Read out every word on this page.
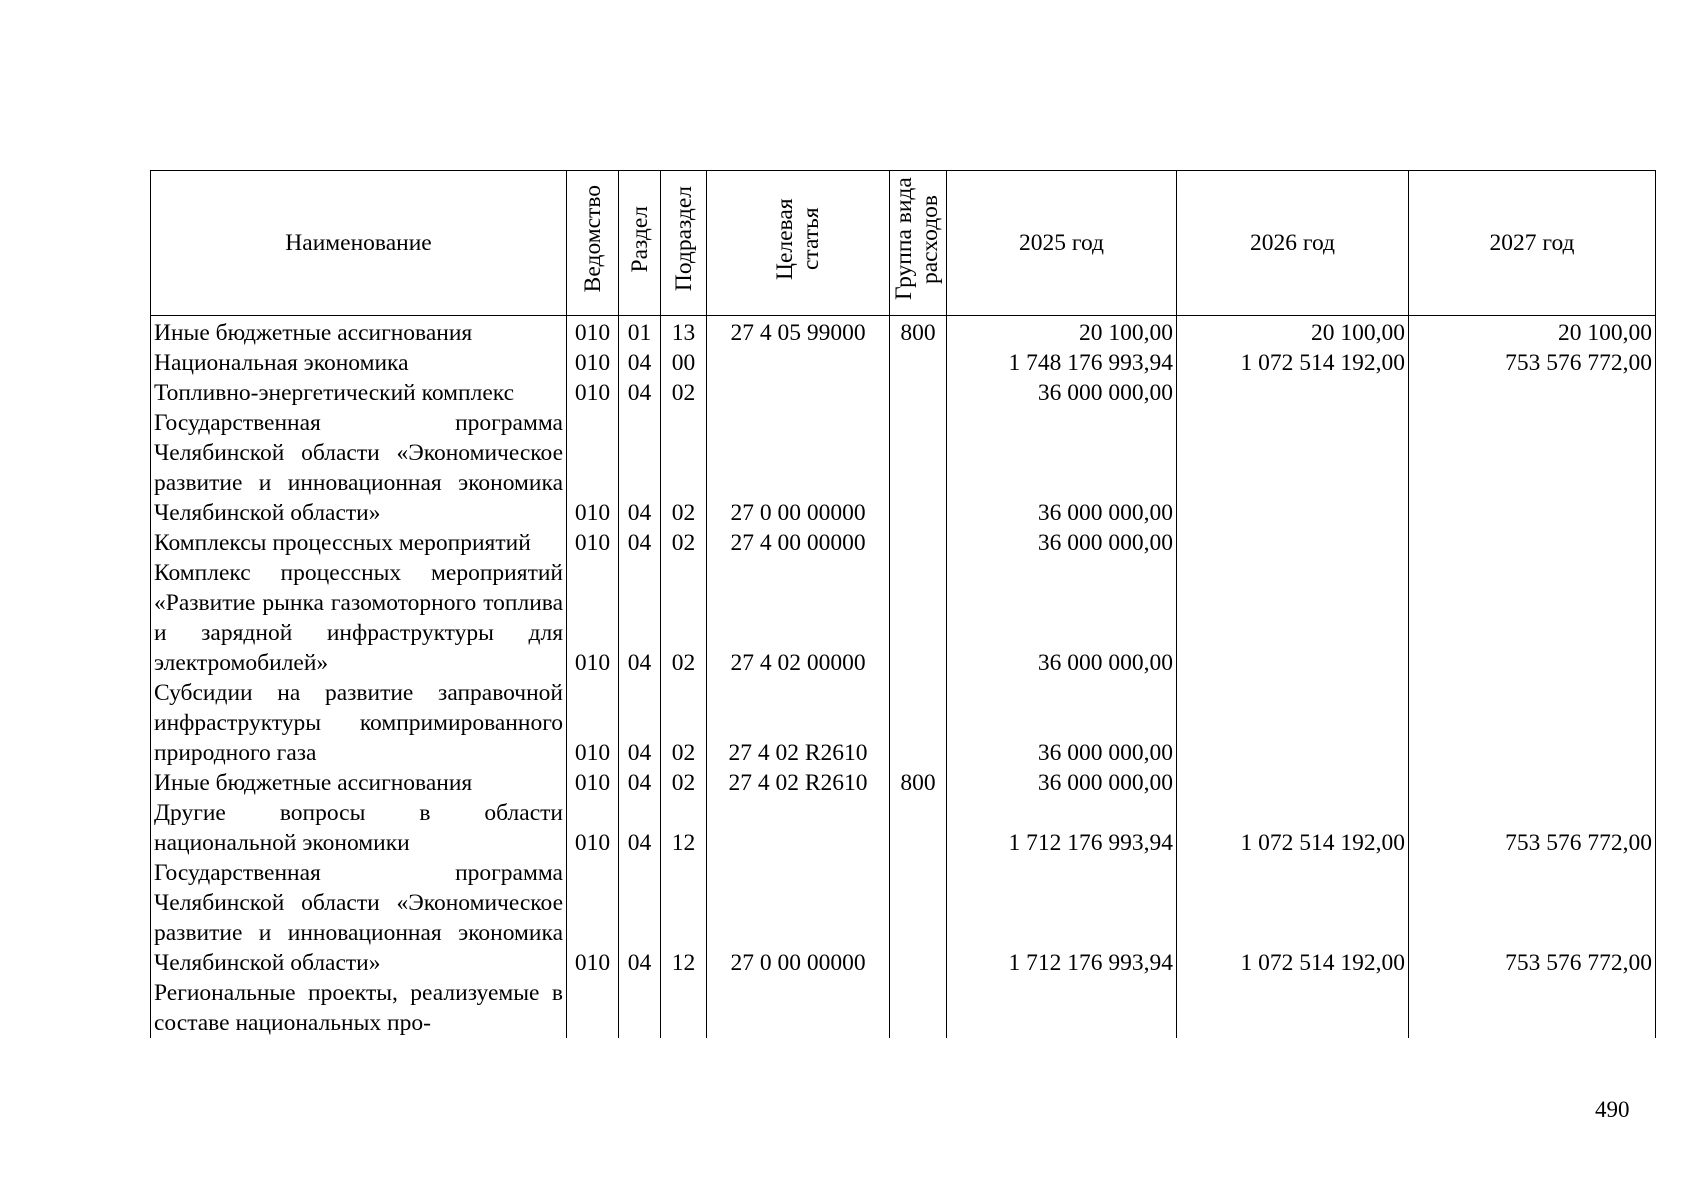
Наименование	Ведомство	Раздел	Подраздел	Целевая статья	Группа вида расходов	2025 год	2026 год	2027 год
Иные бюджетные ассигнования	010	01	13	27 4 05 99000	800	20 100,00	20 100,00	20 100,00
Национальная экономика	010	04	00			1 748 176 993,94	1 072 514 192,00	753 576 772,00
Топливно-энергетический комплекс	010	04	02			36 000 000,00		
Государственная программа Челябинской области «Экономическое развитие и инновационная экономика Челябинской области»	010	04	02	27 0 00 00000		36 000 000,00		
Комплексы процессных мероприятий	010	04	02	27 4 00 00000		36 000 000,00		
Комплекс процессных мероприятий «Развитие рынка газомоторного топлива и зарядной инфраструктуры для электромобилей»	010	04	02	27 4 02 00000		36 000 000,00		
Субсидии на развитие заправочной инфраструктуры компримированного природного газа	010	04	02	27 4 02 R2610		36 000 000,00		
Иные бюджетные ассигнования	010	04	02	27 4 02 R2610	800	36 000 000,00		
Другие вопросы в области национальной экономики	010	04	12			1 712 176 993,94	1 072 514 192,00	753 576 772,00
Государственная программа Челябинской области «Экономическое развитие и инновационная экономика Челябинской области»	010	04	12	27 0 00 00000		1 712 176 993,94	1 072 514 192,00	753 576 772,00
Региональные проекты, реализуемые в составе национальных про-								
490
